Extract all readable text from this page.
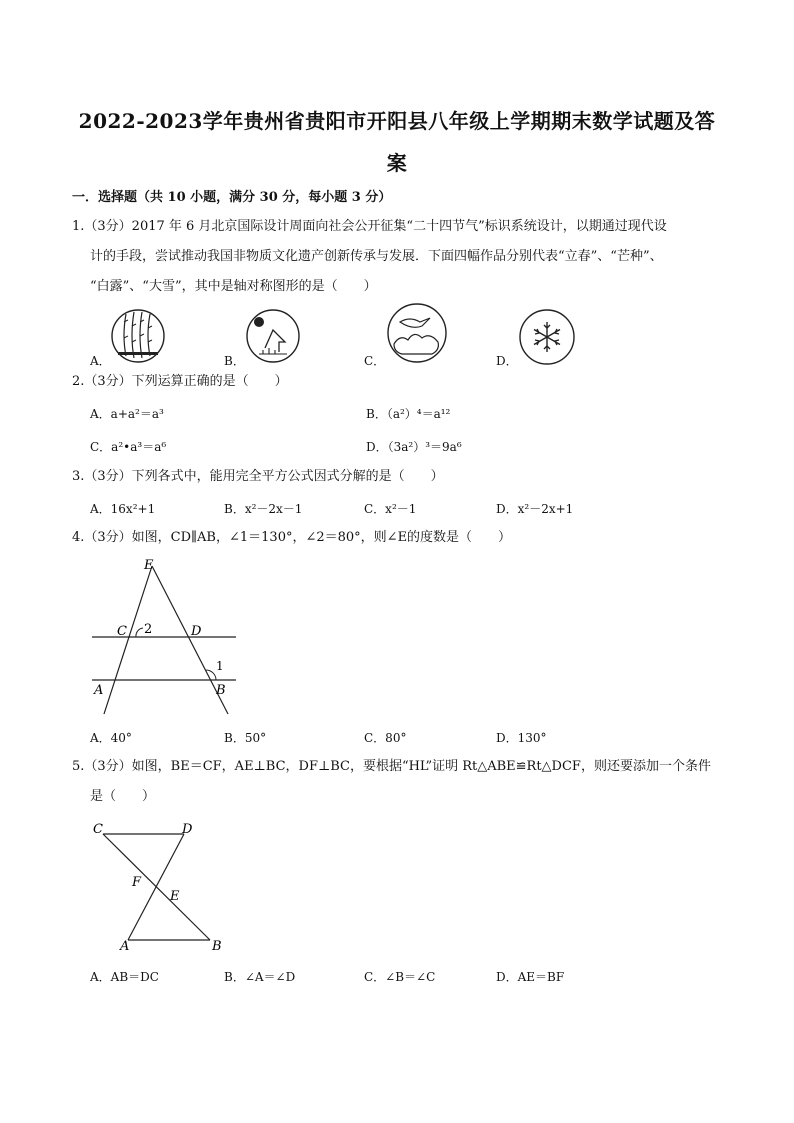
2022-2023学年贵州省贵阳市开阳县八年级上学期期末数学试题及答
案
一．选择题（共 10 小题，满分 30 分，每小题 3 分）
1.（3分）2017 年 6 月北京国际设计周面向社会公开征集“二十四节气”标识系统设计，以期通过现代设
计的手段，尝试推动我国非物质文化遗产创新传承与发展．下面四幅作品分别代表“立春”、“芒种”、
“白露”、“大雪”，其中是轴对称图形的是（　　）
A．	B．	C．	D．
2.（3分）下列运算正确的是（　　）
A．a+a²＝a³	B．（a²）⁴＝a¹²
C．a²•a³＝a⁶	D．（3a²）³＝9a⁶
3.（3分）下列各式中，能用完全平方公式因式分解的是（　　）
A．16x²+1	B．x²－2x－1	C．x²－1	D．x²－2x+1
4.（3分）如图，CD∥AB，∠1＝130°，∠2＝80°，则∠E的度数是（　　）
E
C 2	D
1
A	B
A．40°	B．50°	C．80°	D．130°
5.（3分）如图，BE＝CF，AE⊥BC，DF⊥BC，要根据“HL”证明 Rt△ABE≌Rt△DCF，则还要添加一个条件
是（　　）
C	D
F
E
A	B
A．AB＝DC	B．∠A＝∠D	C．∠B＝∠C	D．AE＝BF
